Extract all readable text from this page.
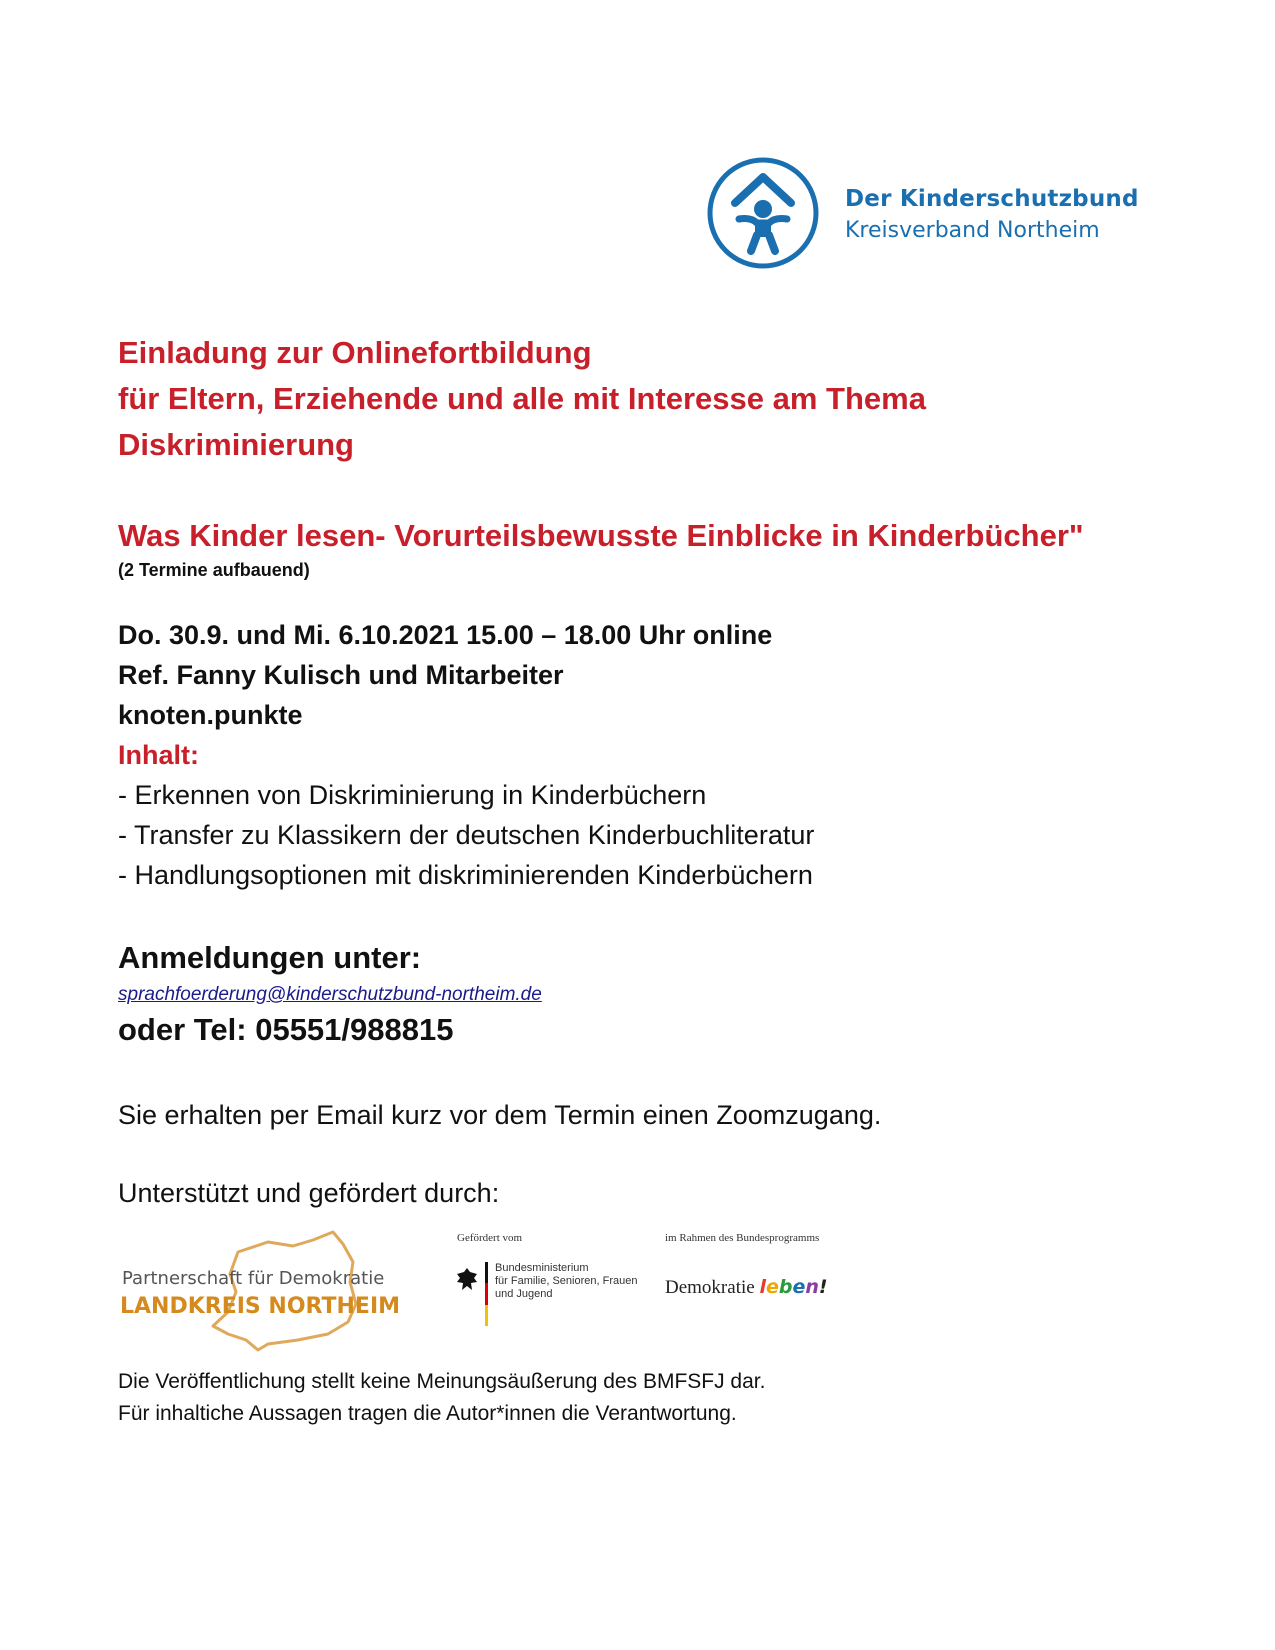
Der Kinderschutzbund
Kreisverband Northeim
Einladung zur Onlinefortbildung
für Eltern, Erziehende und alle mit Interesse am Thema
Diskriminierung
Was Kinder lesen- Vorurteilsbewusste Einblicke in Kinderbücher"
(2 Termine aufbauend)
Do. 30.9. und Mi. 6.10.2021 15.00 – 18.00 Uhr online
Ref. Fanny Kulisch und Mitarbeiter
knoten.punkte
Inhalt:
- Erkennen von Diskriminierung in Kinderbüchern
- Transfer zu Klassikern der deutschen Kinderbuchliteratur
- Handlungsoptionen mit diskriminierenden Kinderbüchern
Anmeldungen unter:
sprachfoerderung@kinderschutzbund-northeim.de
oder Tel: 05551/988815
Sie erhalten per Email kurz vor dem Termin einen Zoomzugang.
Unterstützt und gefördert durch:
Partnerschaft für Demokratie
LANDKREIS NORTHEIM
Gefördert vom
Bundesministerium
für Familie, Senioren, Frauen
und Jugend
im Rahmen des Bundesprogramms
Demokratie leben!
Die Veröffentlichung stellt keine Meinungsäußerung des BMFSFJ dar.
Für inhaltiche Aussagen tragen die Autor*innen die Verantwortung.
